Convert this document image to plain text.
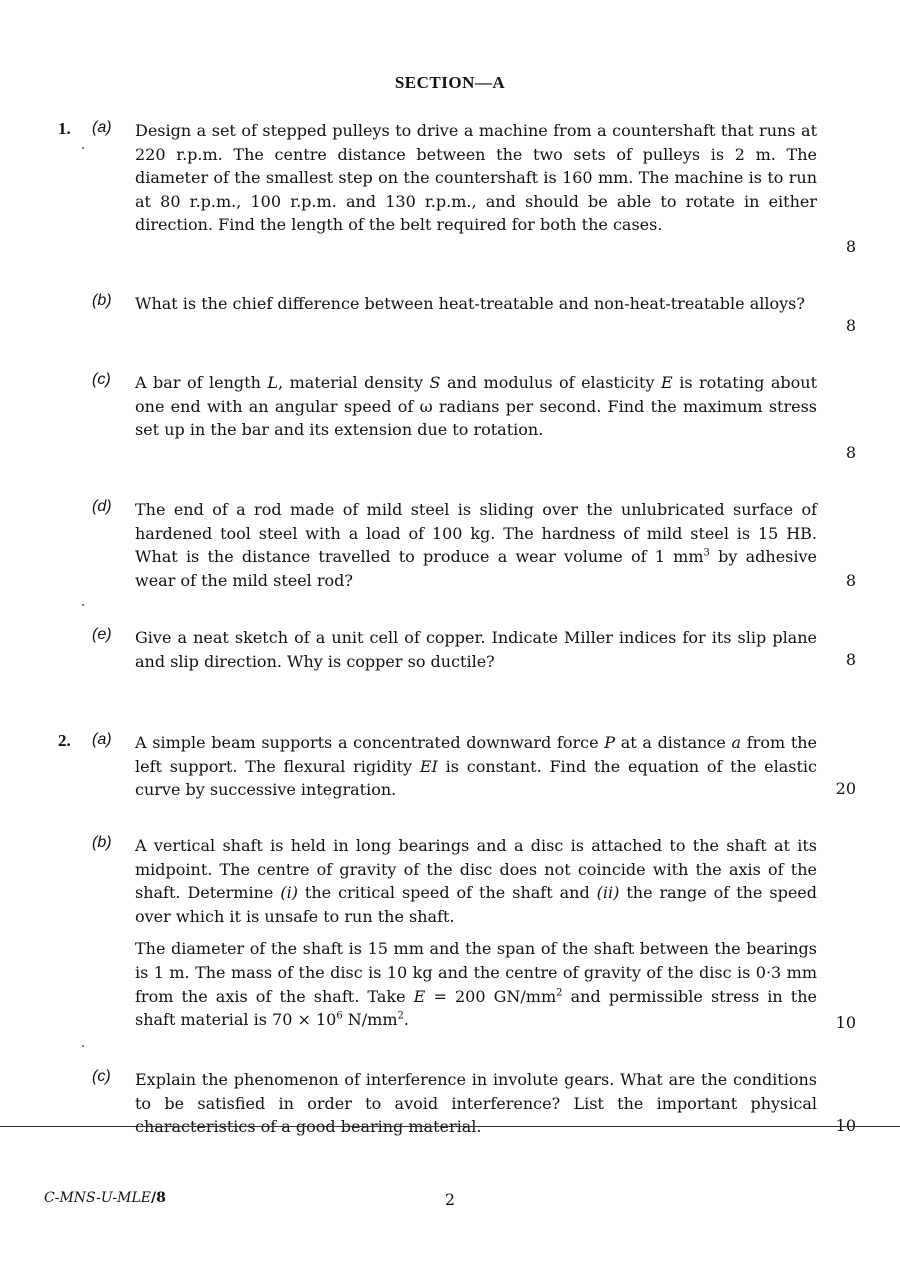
SECTION—A
1. (a) Design a set of stepped pulleys to drive a machine from a countershaft that runs at 220 r.p.m. The centre distance between the two sets of pulleys is 2 m. The diameter of the smallest step on the countershaft is 160 mm. The machine is to run at 80 r.p.m., 100 r.p.m. and 130 r.p.m., and should be able to rotate in either direction. Find the length of the belt required for both the cases.

8
(b) What is the chief difference between heat-treatable and non-heat-treatable alloys?

8
(c) A bar of length L, material density S and modulus of elasticity E is rotating about one end with an angular speed of ω radians per second. Find the maximum stress set up in the bar and its extension due to rotation.

8
(d) The end of a rod made of mild steel is sliding over the unlubricated surface of hardened tool steel with a load of 100 kg. The hardness of mild steel is 15 HB. What is the distance travelled to produce a wear volume of 1 $mm^3$ by adhesive wear of the mild steel rod?	8
(e) Give a neat sketch of a unit cell of copper. Indicate Miller indices for its slip plane and slip direction. Why is copper so ductile?	8
2. (a) A simple beam supports a concentrated downward force P at a distance a from the left support. The flexural rigidity EI is constant. Find the equation of the elastic curve by successive integration.	20
(b) A vertical shaft is held in long bearings and a disc is attached to the shaft at its midpoint. The centre of gravity of the disc does not coincide with the axis of the shaft. Determine (i) the critical speed of the shaft and (ii) the range of the speed over which it is unsafe to run the shaft.

The diameter of the shaft is 15 mm and the span of the shaft between the bearings is 1 m. The mass of the disc is 10 kg and the centre of gravity of the disc is 0·3 mm from the axis of the shaft. Take E = 200 $GN/mm^2$ and permissible stress in the shaft material is $70 \times 10^6$ $N/mm^2$.	10
(c) Explain the phenomenon of interference in involute gears. What are the conditions to be satisfied in order to avoid interference? List the important physical characteristics of a good bearing material.	10
C-MNS-U-MLE/8	2
